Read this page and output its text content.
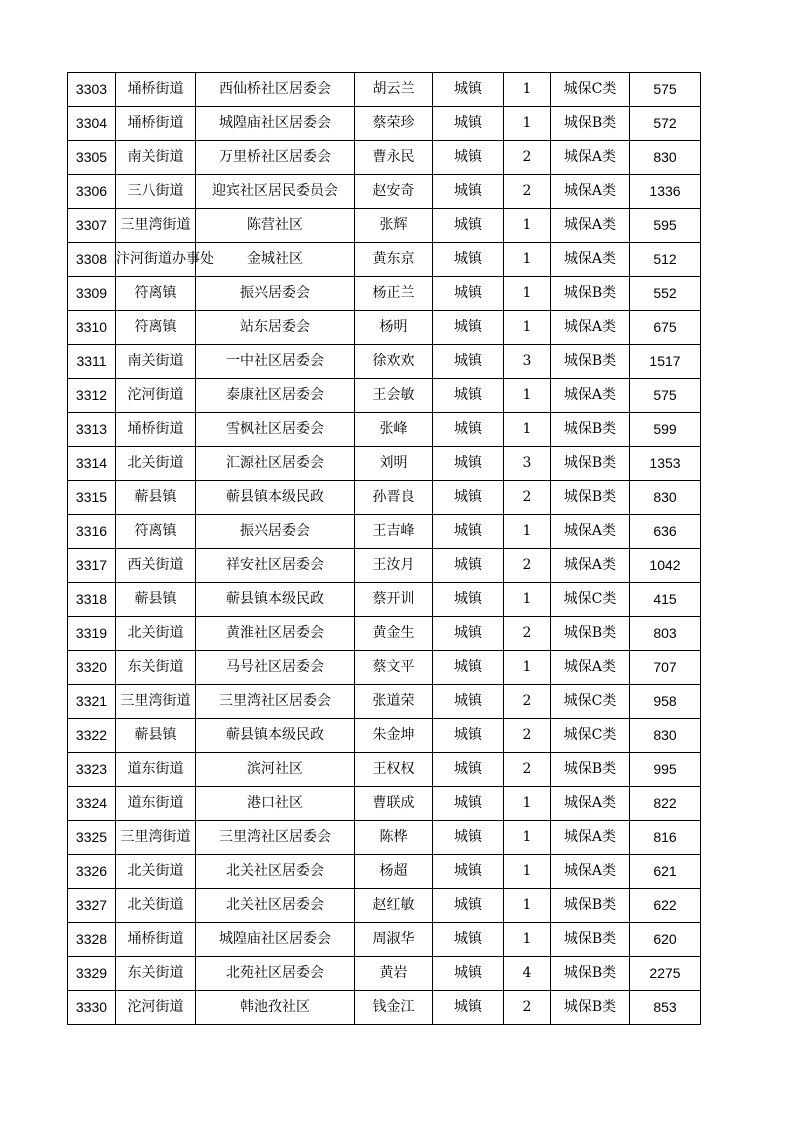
3303	埇桥街道	西仙桥社区居委会	胡云兰	城镇	1	城保C类	575
3304	埇桥街道	城隍庙社区居委会	蔡荣珍	城镇	1	城保B类	572
3305	南关街道	万里桥社区居委会	曹永民	城镇	2	城保A类	830
3306	三八街道	迎宾社区居民委员会	赵安奇	城镇	2	城保A类	1336
3307	三里湾街道	陈营社区	张辉	城镇	1	城保A类	595
3308	汴河街道办事处	金城社区	黄东京	城镇	1	城保A类	512
3309	符离镇	振兴居委会	杨正兰	城镇	1	城保B类	552
3310	符离镇	站东居委会	杨明	城镇	1	城保A类	675
3311	南关街道	一中社区居委会	徐欢欢	城镇	3	城保B类	1517
3312	沱河街道	泰康社区居委会	王会敏	城镇	1	城保A类	575
3313	埇桥街道	雪枫社区居委会	张峰	城镇	1	城保B类	599
3314	北关街道	汇源社区居委会	刘明	城镇	3	城保B类	1353
3315	蕲县镇	蕲县镇本级民政	孙晋良	城镇	2	城保B类	830
3316	符离镇	振兴居委会	王吉峰	城镇	1	城保A类	636
3317	西关街道	祥安社区居委会	王汝月	城镇	2	城保A类	1042
3318	蕲县镇	蕲县镇本级民政	蔡开训	城镇	1	城保C类	415
3319	北关街道	黄淮社区居委会	黄金生	城镇	2	城保B类	803
3320	东关街道	马号社区居委会	蔡文平	城镇	1	城保A类	707
3321	三里湾街道	三里湾社区居委会	张道荣	城镇	2	城保C类	958
3322	蕲县镇	蕲县镇本级民政	朱金坤	城镇	2	城保C类	830
3323	道东街道	滨河社区	王权权	城镇	2	城保B类	995
3324	道东街道	港口社区	曹联成	城镇	1	城保A类	822
3325	三里湾街道	三里湾社区居委会	陈桦	城镇	1	城保A类	816
3326	北关街道	北关社区居委会	杨超	城镇	1	城保A类	621
3327	北关街道	北关社区居委会	赵红敏	城镇	1	城保B类	622
3328	埇桥街道	城隍庙社区居委会	周淑华	城镇	1	城保B类	620
3329	东关街道	北苑社区居委会	黄岩	城镇	4	城保B类	2275
3330	沱河街道	韩池孜社区	钱金江	城镇	2	城保B类	853
